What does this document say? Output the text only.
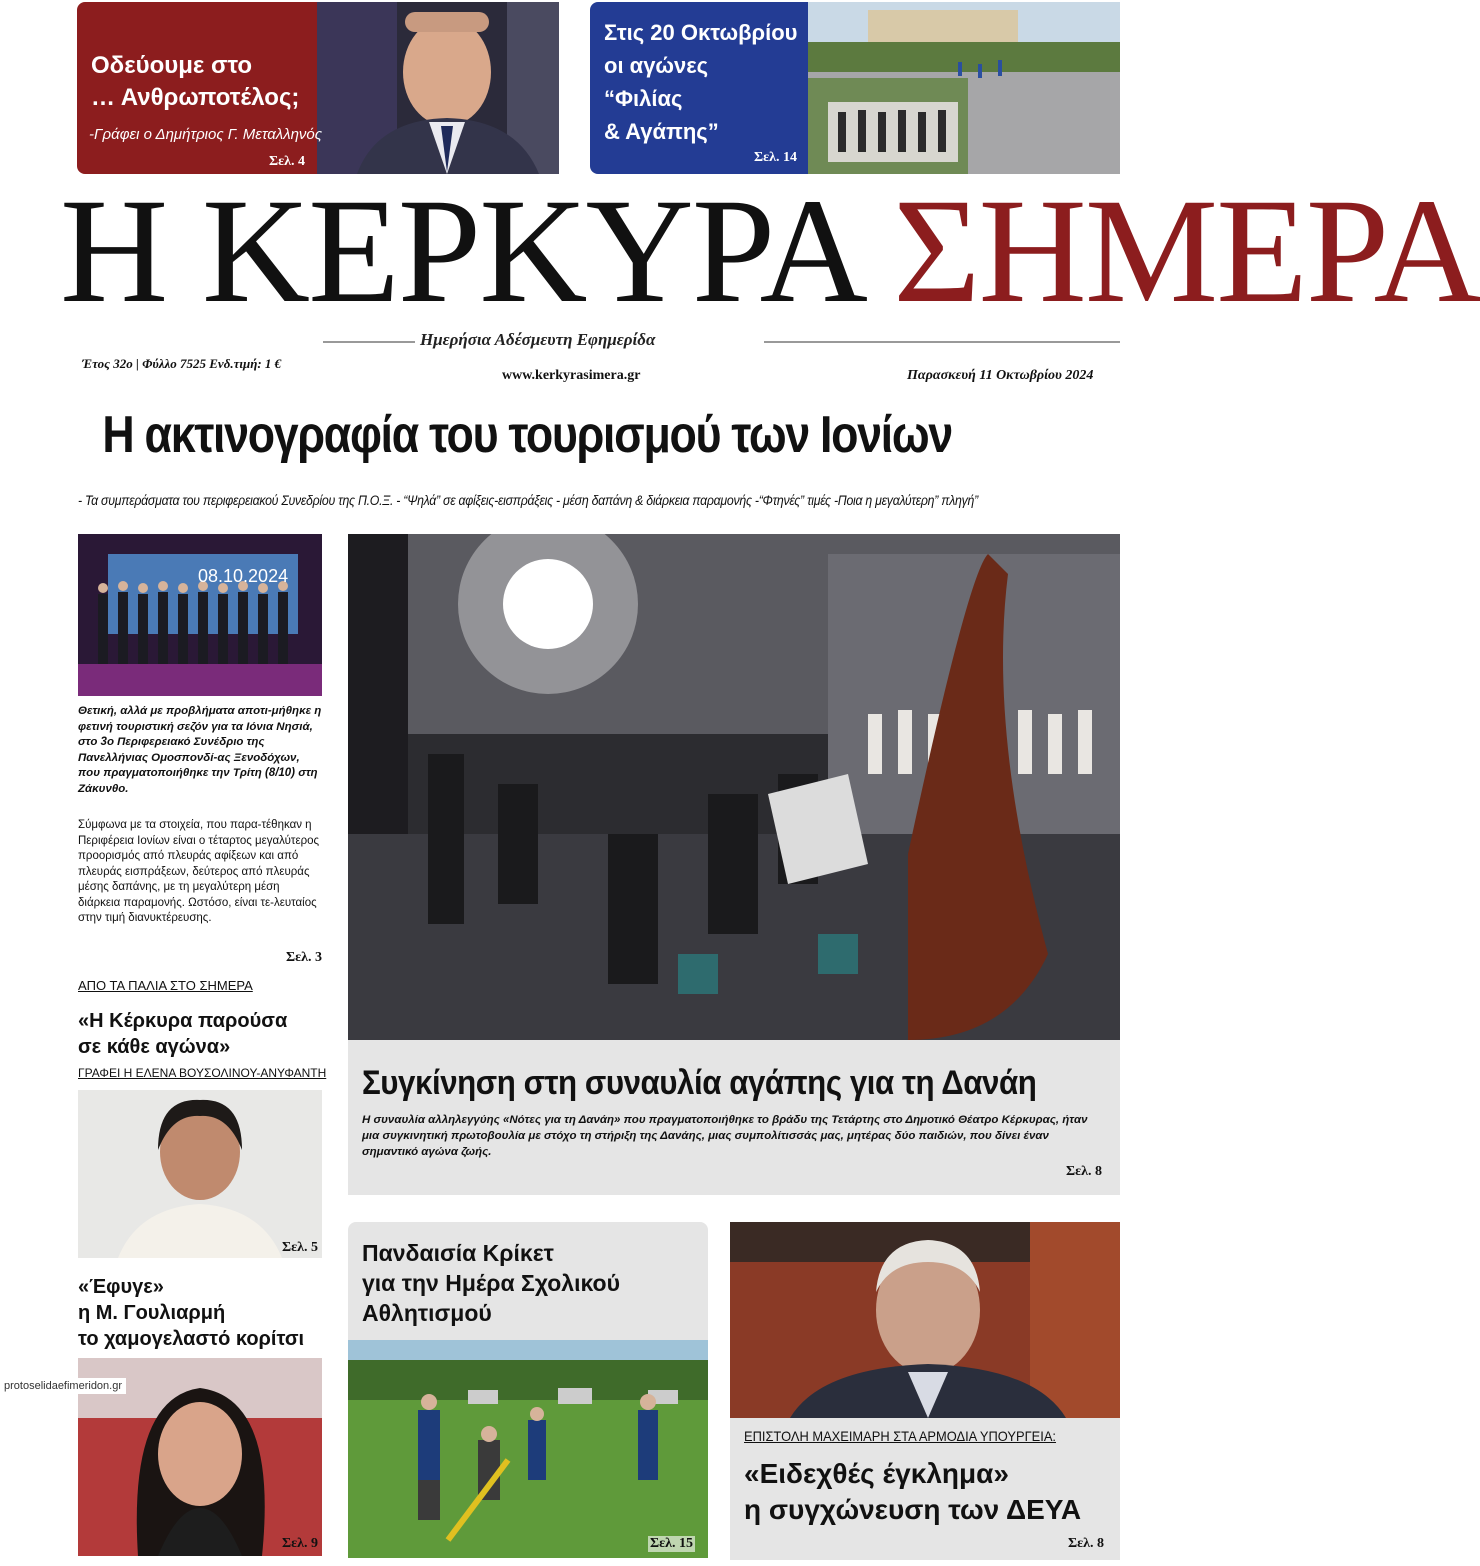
Οδεύουμε στο
… Ανθρωποτέλος;
-Γράφει ο Δημήτριος Γ. Μεταλληνός
Σελ. 4
Στις 20 Οκτωβρίου
οι αγώνες
“Φιλίας
& Αγάπης”
Σελ. 14
Η ΚΕΡΚΥΡΑ ΣΗΜΕΡΑ
Ημερήσια Αδέσμευτη Εφημερίδα
Έτος 32ο | Φύλλο 7525 Ενδ.τιμή: 1 €
www.kerkyrasimera.gr	Παρασκευή 11 Οκτωβρίου 2024
Η ακτινογραφία του τουρισμού των Ιονίων
- Τα συμπεράσματα του περιφερειακού Συνεδρίου της Π.Ο.Ξ. - “Ψηλά” σε αφίξεις-εισπράξεις - μέση δαπάνη & διάρκεια παραμονής -“Φτηνές” τιμές -Ποια η μεγαλύτερη” πληγή”
08.10.2024
Θετική, αλλά με προβλήματα αποτι-μήθηκε η φετινή τουριστική σεζόν για τα Ιόνια Νησιά, στο 3ο Περιφερειακό Συνέδριο της Πανελλήνιας Ομοσπονδί-ας Ξενοδόχων, που πραγματοποιήθηκε την Τρίτη (8/10) στη Ζάκυνθο.
Σύμφωνα με τα στοιχεία, που παρα-τέθηκαν η Περιφέρεια Ιονίων είναι ο τέταρτος μεγαλύτερος προορισμός από πλευράς αφίξεων και από πλευράς εισπράξεων, δεύτερος από πλευράς μέσης δαπάνης, με τη μεγαλύτερη μέση διάρκεια παραμονής. Ωστόσο, είναι τε-λευταίος στην τιμή διανυκτέρευσης.
Σελ. 3
ΑΠΟ ΤΑ ΠΑΛΙΑ ΣΤΟ ΣΗΜΕΡΑ
«Η Κέρκυρα παρούσα
σε κάθε αγώνα»
ΓΡΑΦΕΙ Η ΕΛΕΝΑ ΒΟΥΣΟΛΙΝΟΥ-ΑΝΥΦΑΝΤΗ
Σελ. 5
«Έφυγε»
η Μ. Γουλιαρμή
το χαμογελαστό κορίτσι
Σελ. 9
protoselidaefimeridon.gr
Συγκίνηση στη συναυλία αγάπης για τη Δανάη
Η συναυλία αλληλεγγύης «Νότες για τη Δανάη» που πραγματοποιήθηκε το βράδυ της Τετάρτης στο Δημοτικό Θέατρο Κέρκυρας, ήταν μια συγκινητική πρωτοβουλία με στόχο τη στήριξη της Δανάης, μιας συμπολίτισσάς μας, μητέρας δύο παιδιών, που δίνει έναν σημαντικό αγώνα ζωής.
Σελ. 8
Πανδαισία Κρίκετ
για την Ημέρα Σχολικού
Αθλητισμού
Σελ. 15
ΕΠΙΣΤΟΛΗ ΜΑΧΕΙΜΑΡΗ ΣΤΑ ΑΡΜΟΔΙΑ ΥΠΟΥΡΓΕΙΑ:
«Ειδεχθές έγκλημα»
η συγχώνευση των ΔΕΥΑ
Σελ. 8
